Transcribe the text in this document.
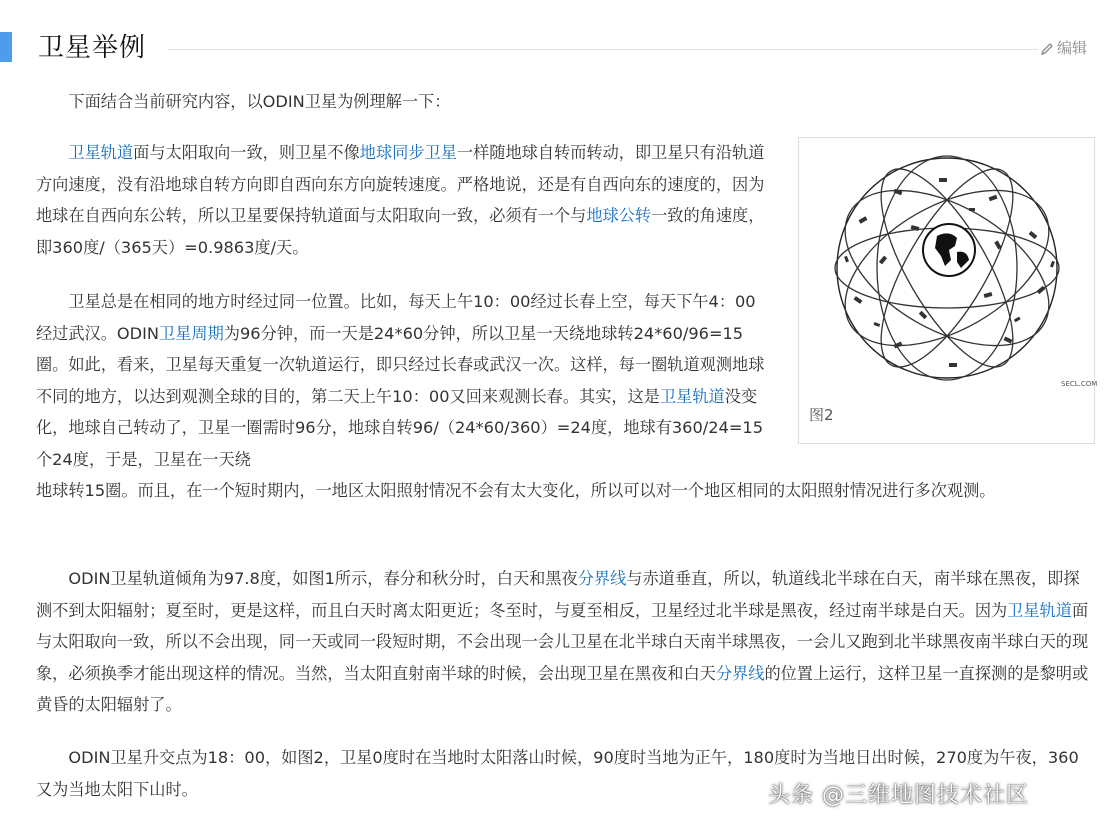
卫星举例	编辑

下面结合当前研究内容，以ODIN卫星为例理解一下：

卫星轨道面与太阳取向一致，则卫星不像地球同步卫星一样随地球自转而转动，即卫星只有沿轨道方向速度，没有沿地球自转方向即自西向东方向旋转速度。严格地说，还是有自西向东的速度的，因为地球在自西向东公转，所以卫星要保持轨道面与太阳取向一致，必须有一个与地球公转一致的角速度，即360度/（365天）=0.9863度/天。

卫星总是在相同的地方时经过同一位置。比如，每天上午10：00经过长春上空，每天下午4：00经过武汉。ODIN卫星周期为96分钟，而一天是24*60分钟，所以卫星一天绕地球转24*60/96=15圈。如此，看来，卫星每天重复一次轨道运行，即只经过长春或武汉一次。这样，每一圈轨道观测地球不同的地方，以达到观测全球的目的，第二天上午10：00又回来观测长春。其实，这是卫星轨道没变化，地球自己转动了，卫星一圈需时96分，地球自转96/（24*60/360）=24度，地球有360/24=15个24度，于是，卫星在一天绕
地球转15圈。而且，在一个短时期内，一地区太阳照射情况不会有太大变化，所以可以对一个地区相同的太阳照射情况进行多次观测。

ODIN卫星轨道倾角为97.8度，如图1所示，春分和秋分时，白天和黑夜分界线与赤道垂直，所以，轨道线北半球在白天，南半球在黑夜，即探测不到太阳辐射；夏至时，更是这样，而且白天时离太阳更近；冬至时，与夏至相反，卫星经过北半球是黑夜，经过南半球是白天。因为卫星轨道面与太阳取向一致，所以不会出现，同一天或同一段短时期，不会出现一会儿卫星在北半球白天南半球黑夜，一会儿又跑到北半球黑夜南半球白天的现象，必须换季才能出现这样的情况。当然，当太阳直射南半球的时候，会出现卫星在黑夜和白天分界线的位置上运行，这样卫星一直探测的是黎明或黄昏的太阳辐射了。

ODIN卫星升交点为18：00，如图2，卫星0度时在当地时太阳落山时候，90度时当地为正午，180度时为当地日出时候，270度为午夜，360又为当地太阳下山时。

SECL.COM
图2
头条 @三维地图技术社区
